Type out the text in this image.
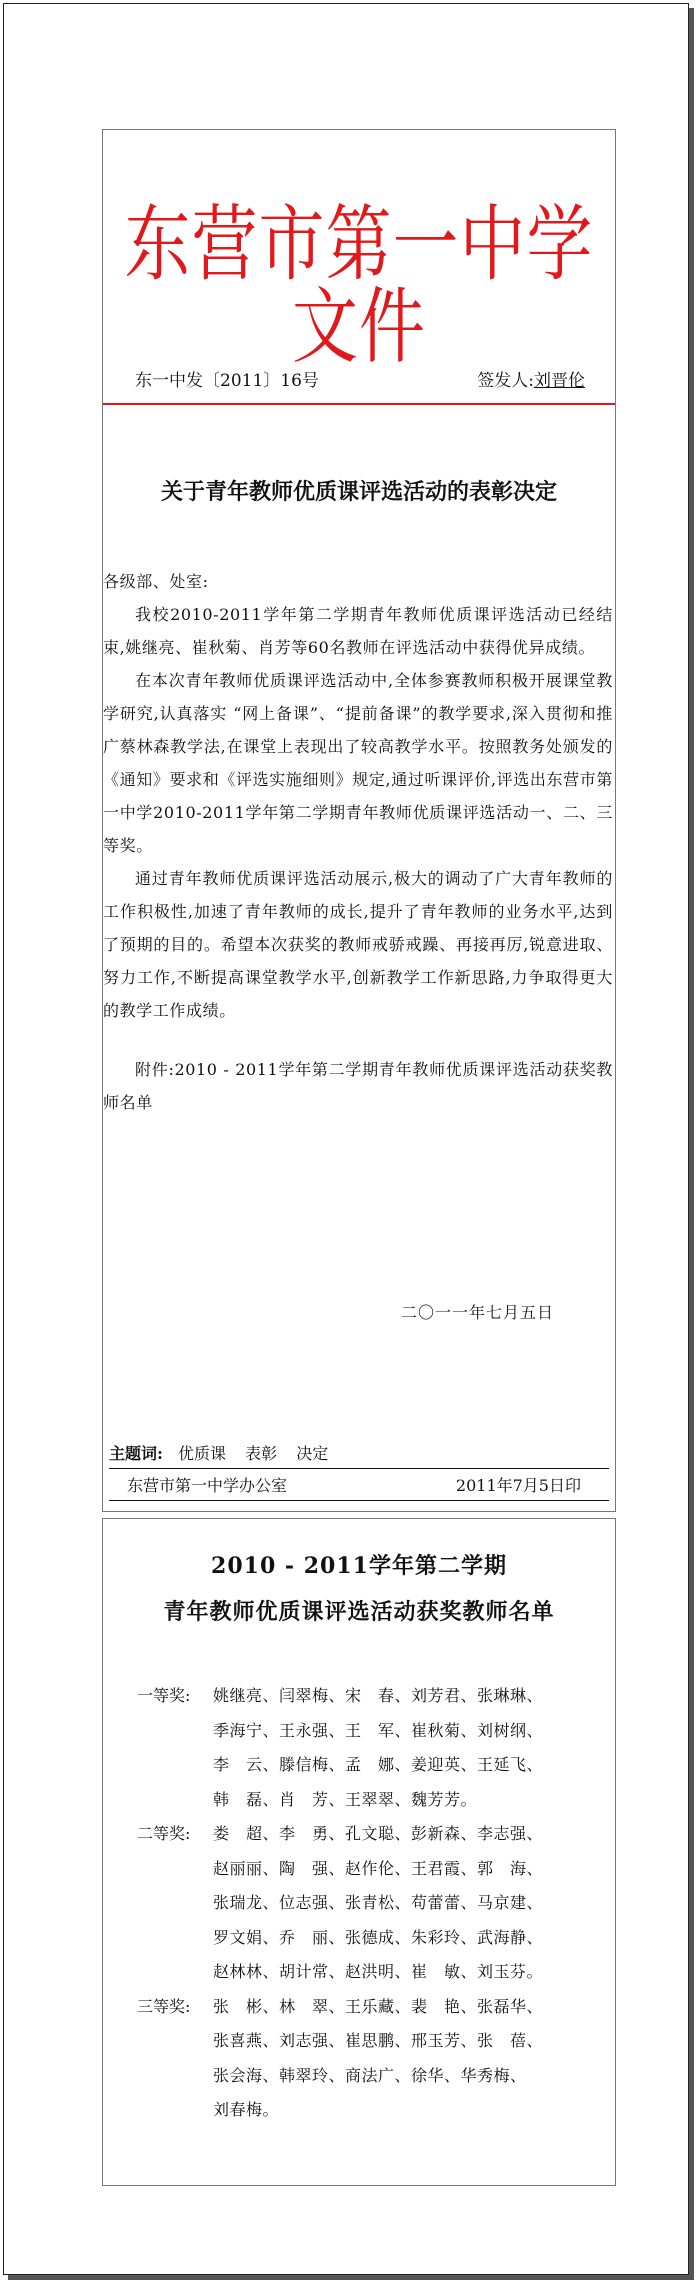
东营市第一中学文件
东一中发〔2011〕16号	签发人:刘晋伦
关于青年教师优质课评选活动的表彰决定

各级部、处室:

我校2010-2011学年第二学期青年教师优质课评选活动已经结束,姚继亮、崔秋菊、肖芳等60名教师在评选活动中获得优异成绩。

在本次青年教师优质课评选活动中,全体参赛教师积极开展课堂教学研究,认真落实 “网上备课”、“提前备课”的教学要求,深入贯彻和推广蔡林森教学法,在课堂上表现出了较高教学水平。按照教务处颁发的《通知》要求和《评选实施细则》规定,通过听课评价,评选出东营市第一中学2010-2011学年第二学期青年教师优质课评选活动一、二、三等奖。

通过青年教师优质课评选活动展示,极大的调动了广大青年教师的工作积极性,加速了青年教师的成长,提升了青年教师的业务水平,达到了预期的目的。希望本次获奖的教师戒骄戒躁、再接再厉,锐意进取、努力工作,不断提高课堂教学水平,创新教学工作新思路,力争取得更大的教学工作成绩。

附件:2010 - 2011学年第二学期青年教师优质课评选活动获奖教师名单

二〇一一年七月五日
主题词: 优质课 表彰 决定
东营市第一中学办公室	2011年7月5日印
2010 - 2011学年第二学期
青年教师优质课评选活动获奖教师名单
一等奖:	姚继亮、闫翠梅、宋　春、刘芳君、张琳琳、
季海宁、王永强、王　军、崔秋菊、刘树纲、
李　云、滕信梅、孟　娜、姜迎英、王延飞、
韩　磊、肖　芳、王翠翠、魏芳芳。
二等奖:	娄　超、李　勇、孔文聪、彭新森、李志强、
赵丽丽、陶　强、赵作伦、王君霞、郭　海、
张瑞龙、位志强、张青松、苟蕾蕾、马京建、
罗文娟、乔　丽、张德成、朱彩玲、武海静、
赵林林、胡计常、赵洪明、崔　敏、刘玉芬。
三等奖:	张　彬、林　翠、王乐藏、裴　艳、张磊华、
张喜燕、刘志强、崔思鹏、邢玉芳、张　蓓、
张会海、韩翠玲、商法广、徐华、华秀梅、
刘春梅。
